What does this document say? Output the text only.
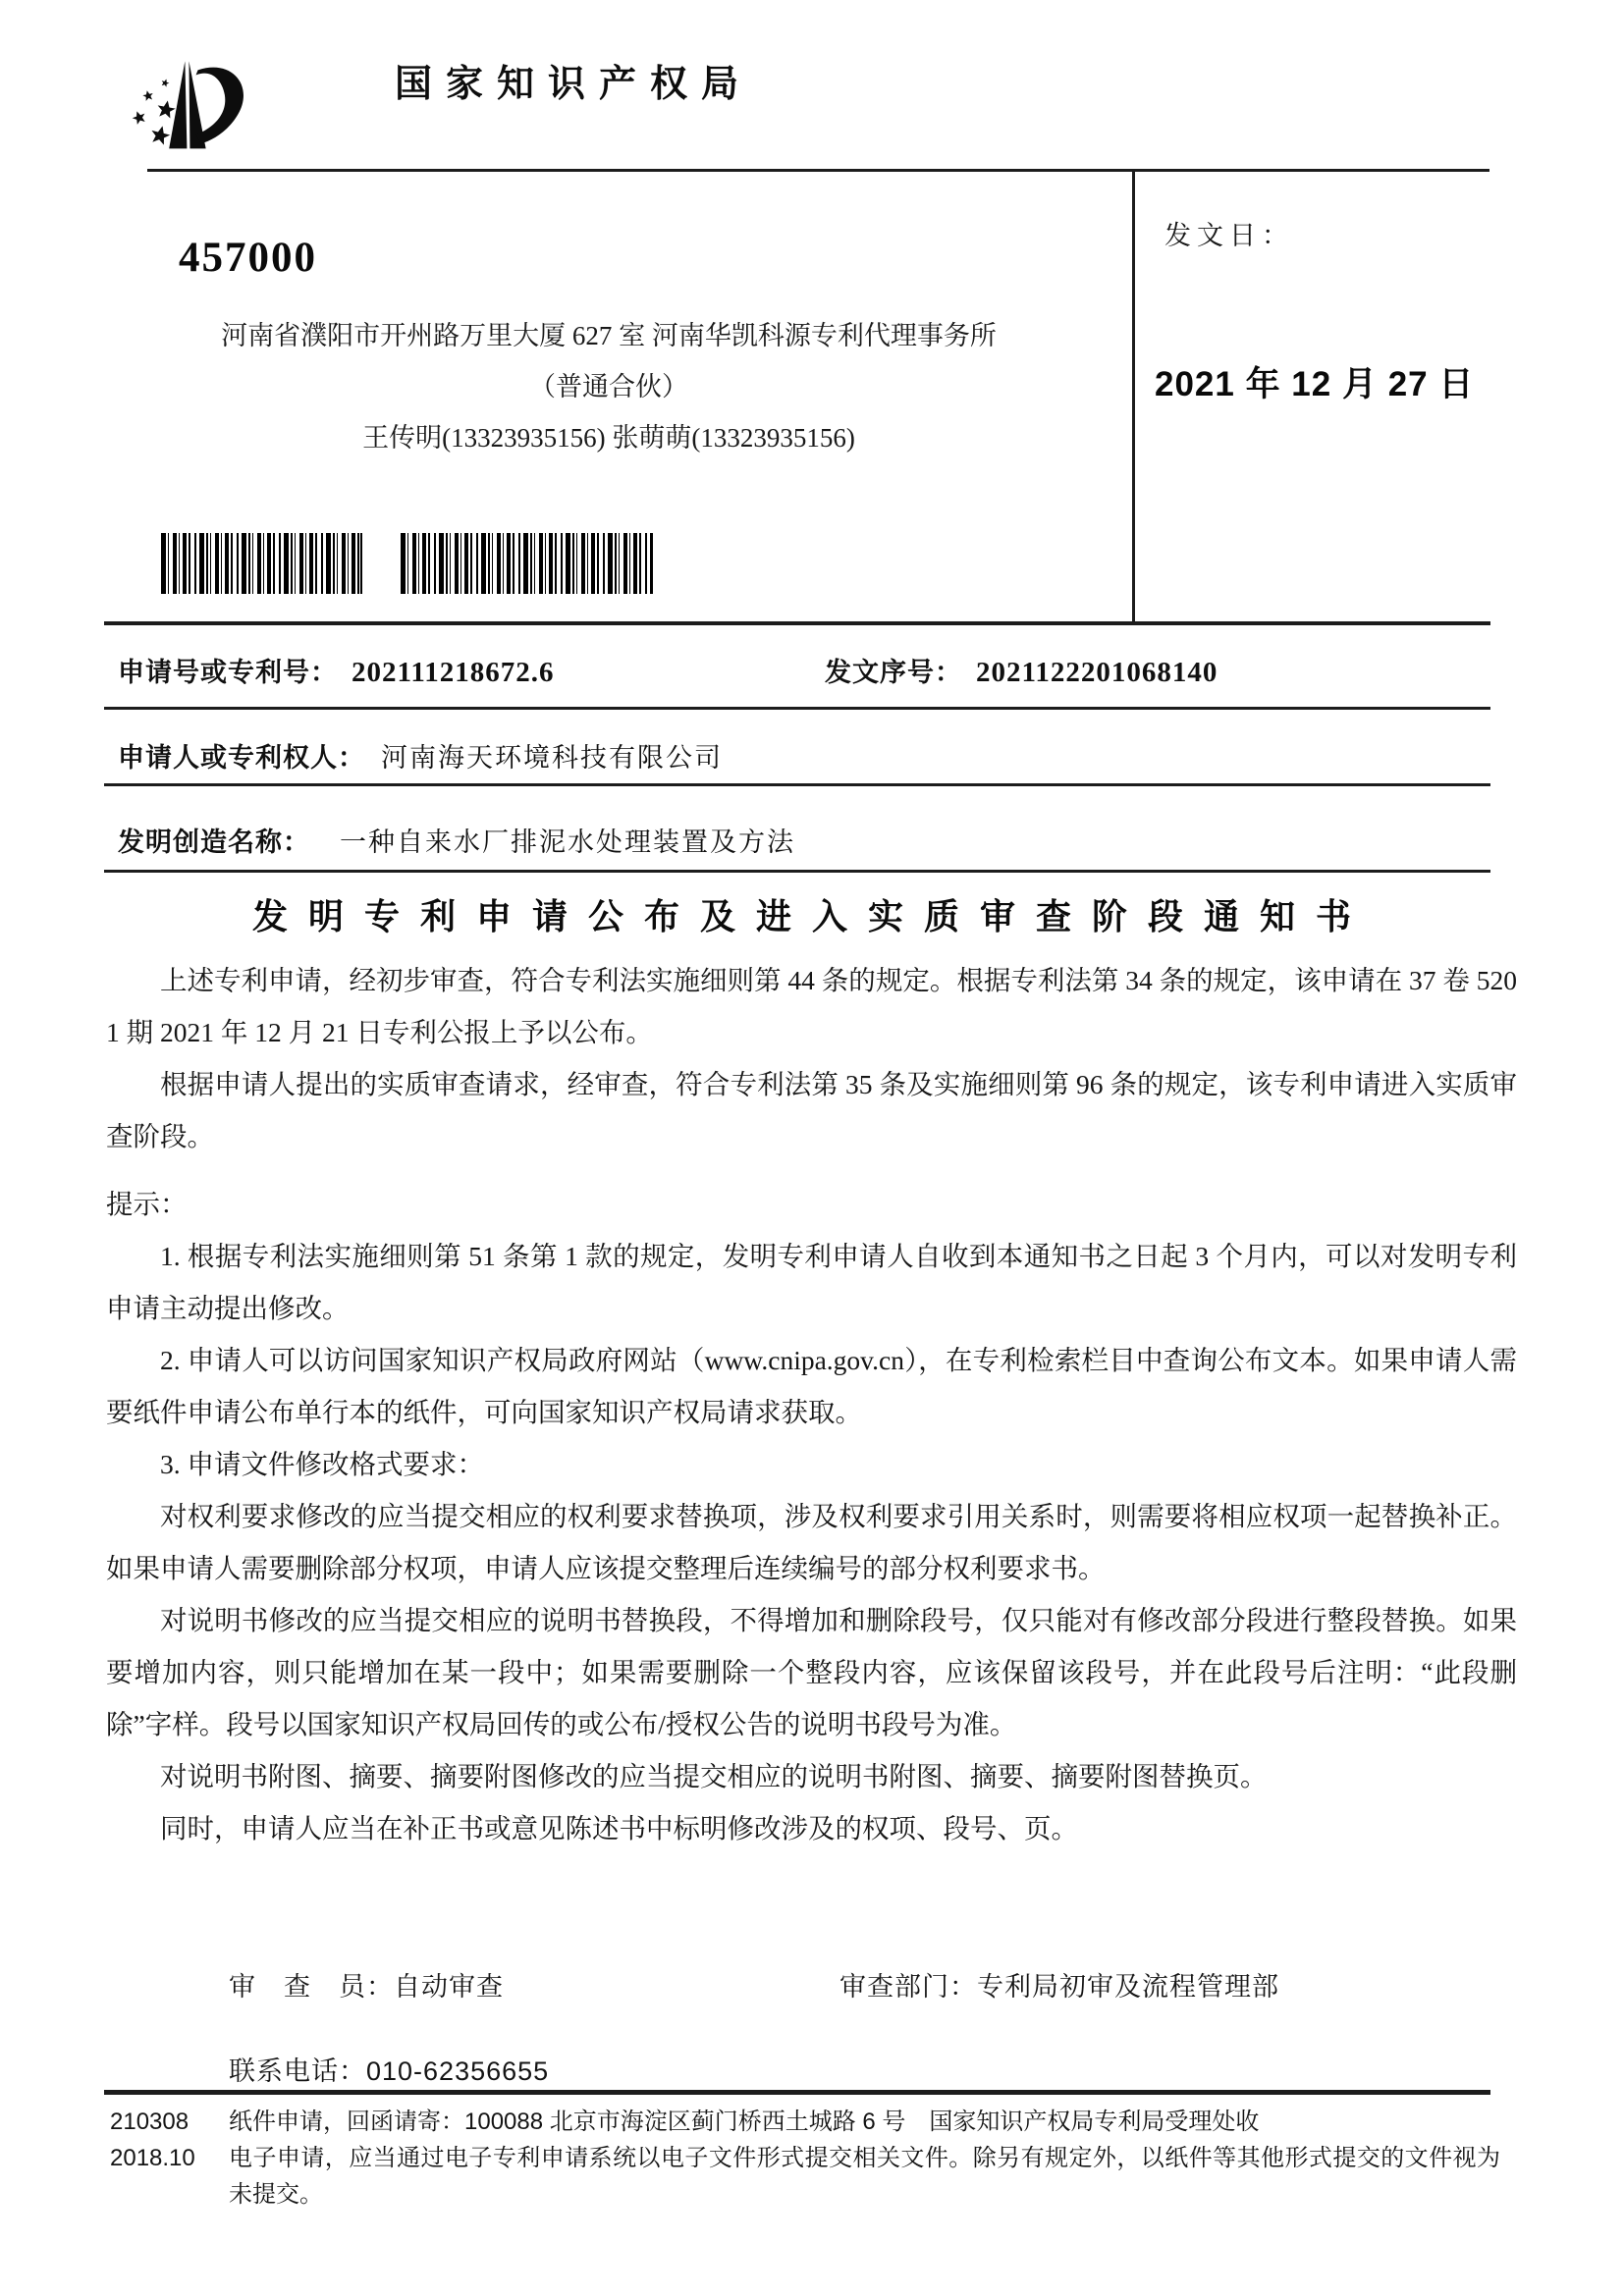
国家知识产权局
发文日：
2021 年 12 月 27 日
457000
河南省濮阳市开州路万里大厦 627 室 河南华凯科源专利代理事务所
（普通合伙）
王传明(13323935156) 张萌萌(13323935156)
申请号或专利号： 202111218672.6	发文序号： 2021122201068140
申请人或专利权人： 河南海天环境科技有限公司
发明创造名称： 一种自来水厂排泥水处理装置及方法
发明专利申请公布及进入实质审查阶段通知书

上述专利申请，经初步审查，符合专利法实施细则第 44 条的规定。根据专利法第 34 条的规定，该申请在 37 卷 5201 期 2021 年 12 月 21 日专利公报上予以公布。

根据申请人提出的实质审查请求，经审查，符合专利法第 35 条及实施细则第 96 条的规定，该专利申请进入实质审查阶段。

提示：

1. 根据专利法实施细则第 51 条第 1 款的规定，发明专利申请人自收到本通知书之日起 3 个月内，可以对发明专利申请主动提出修改。

2. 申请人可以访问国家知识产权局政府网站（www.cnipa.gov.cn），在专利检索栏目中查询公布文本。如果申请人需要纸件申请公布单行本的纸件，可向国家知识产权局请求获取。

3. 申请文件修改格式要求：

对权利要求修改的应当提交相应的权利要求替换项，涉及权利要求引用关系时，则需要将相应权项一起替换补正。如果申请人需要删除部分权项，申请人应该提交整理后连续编号的部分权利要求书。

对说明书修改的应当提交相应的说明书替换段，不得增加和删除段号，仅只能对有修改部分段进行整段替换。如果要增加内容，则只能增加在某一段中；如果需要删除一个整段内容，应该保留该段号，并在此段号后注明：“此段删除”字样。段号以国家知识产权局回传的或公布/授权公告的说明书段号为准。

对说明书附图、摘要、摘要附图修改的应当提交相应的说明书附图、摘要、摘要附图替换页。

同时，申请人应当在补正书或意见陈述书中标明修改涉及的权项、段号、页。

审　查　员：自动审查	审查部门：专利局初审及流程管理部
联系电话：010-62356655
210308
2018.10

纸件申请，回函请寄：100088 北京市海淀区蓟门桥西土城路 6 号　国家知识产权局专利局受理处收

电子申请，应当通过电子专利申请系统以电子文件形式提交相关文件。除另有规定外，以纸件等其他形式提交的文件视为未提交。
